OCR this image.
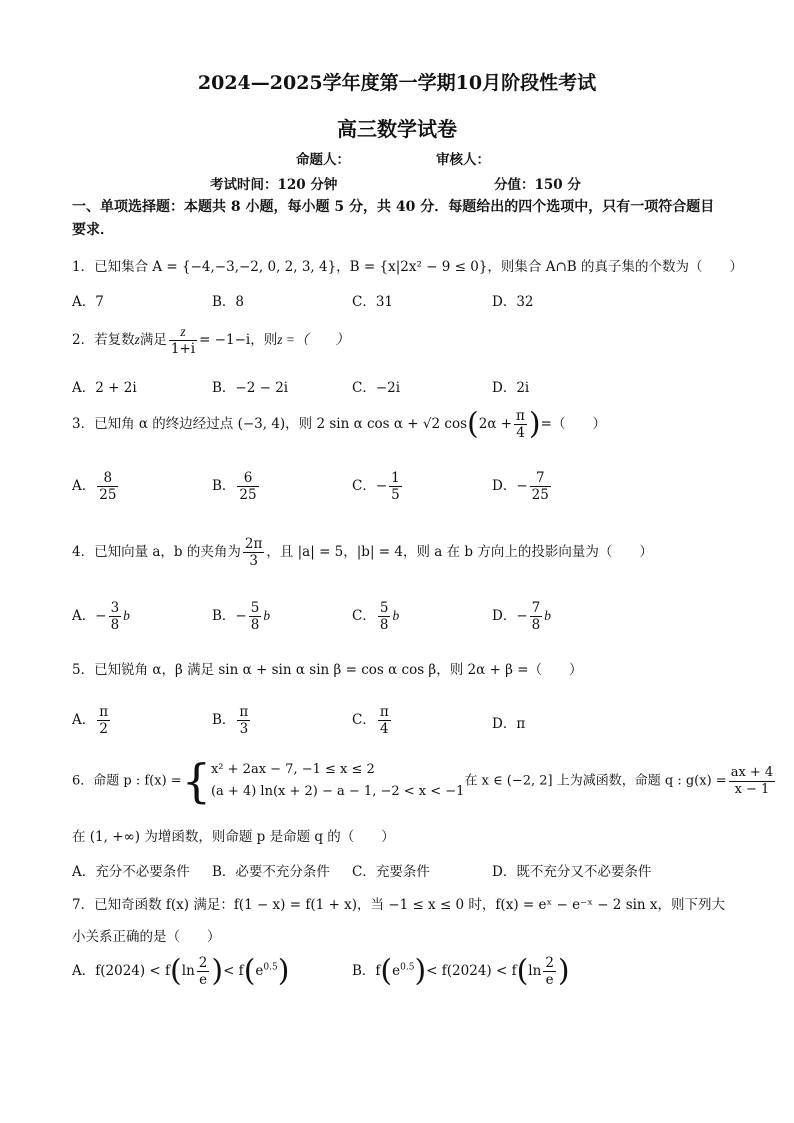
2024—2025学年度第一学期10月阶段性考试
高三数学试卷
命题人：	审核人：
考试时间：120 分钟	分值：150 分
一、单项选择题：本题共 8 小题，每小题 5 分，共 40 分．每题给出的四个选项中，只有一项符合题目要求．
1．已知集合 A = {−4,−3,−2, 0, 2, 3, 4}，B = {x|2x² − 9 ≤ 0}，则集合 A∩B 的真子集的个数为（　　）
A．7	B．8	C．31	D．32
2．若复数z满足 $\frac{z}{1+i} = -1-i$，则z =（　　）
A．2 + 2i	B．−2 − 2i	C．−2i	D．2i
3．已知角 α 的终边经过点 (−3, 4)，则 2 sin α cos α + √2 $\cos(2\alpha + \frac{\pi}{4}$ )=（　　）
A． $\frac{8}{25}$	B． $\frac{6}{25}$	C．− $\frac{1}{5}$	D．− $\frac{7}{25}$
4．已知向量 a，b 的夹角为 $\frac{2\pi}{3}$ ，且 |a| = 5，|b| = 4，则 a 在 b 方向上的投影向量为（　　）
A．− $\frac{3}{8}$ b	B．− $\frac{5}{8}$ b	C． $\frac{5}{8}$ b	D．− $\frac{7}{8}$ b
5．已知锐角 α，β 满足 sin α + sin α sin β = cos α cos β，则 2α + β =（　　）
A． $\frac{\pi}{2}$	B． $\frac{\pi}{3}$	C． $\frac{\pi}{4}$	D．π
6．命题 p : f(x) ={ x² + 2ax − 7, −1 ≤ x ≤ 2
(a + 4) ln(x + 2) − a − 1, −2 < x < −1
在 x ∈ (−2, 2] 上为减函数，命题 q : $g(x) = \frac{ax + 4}{x - 1}$
在 (1, +∞) 为增函数，则命题 p 是命题 q 的（　　）
A．充分不必要条件 B．必要不充分条件 C．充要条件	D．既不充分又不必要条件
7．已知奇函数 f(x) 满足：f(1 − x) = f(1 + x)，当 −1 ≤ x ≤ 0 时，f(x) = eˣ − e⁻ˣ − 2 sin x，则下列大
小关系正确的是（　　）
A．$f(2024) < f(\ln \frac{2}{e}$ )< $f(e^{0.5})$	B．$f(e^{0.5})< f(2024) < f(\ln \frac{2}{e}$ )
